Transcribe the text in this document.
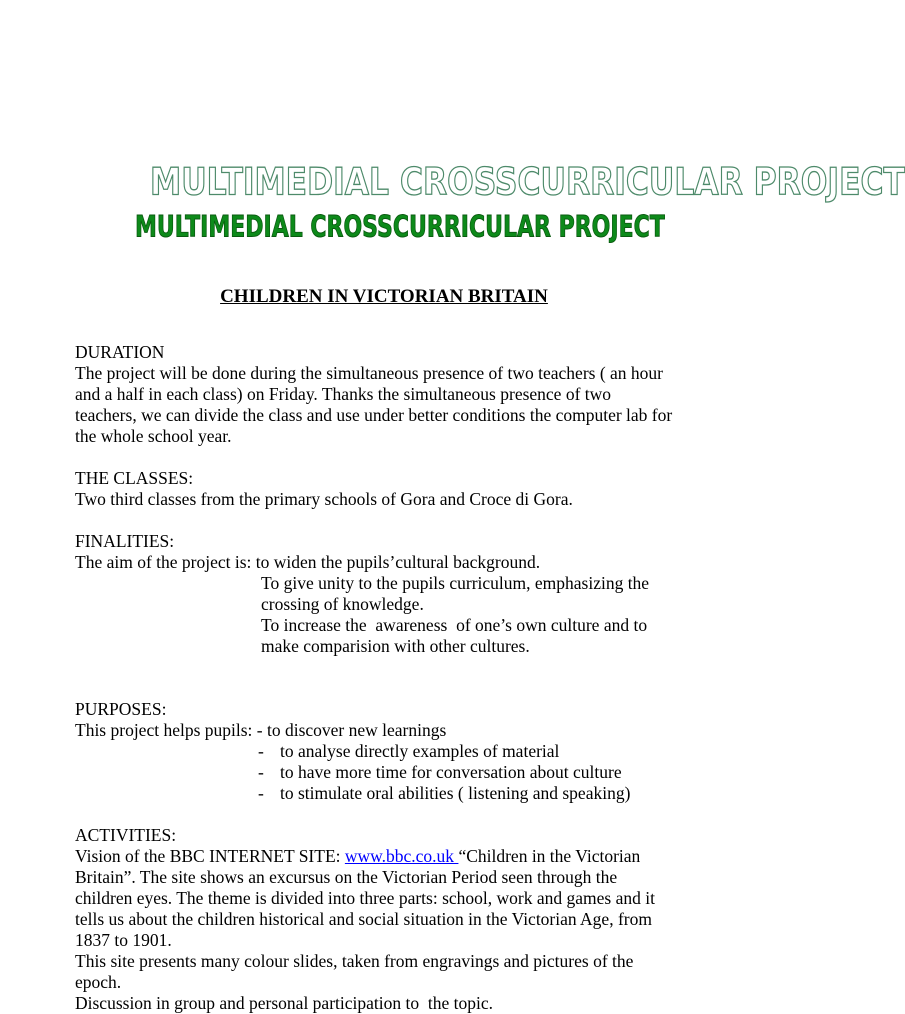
MULTIMEDIAL CROSSCURRICULAR PROJECT
MULTIMEDIAL CROSSCURRICULAR PROJECT
CHILDREN IN VICTORIAN BRITAIN
DURATION
The project will be done during the simultaneous presence of two teachers ( an hour
and a half in each class) on Friday. Thanks the simultaneous presence of two
teachers, we can divide the class and use under better conditions the computer lab for
the whole school year.
THE CLASSES:
Two third classes from the primary schools of Gora and Croce di Gora.
FINALITIES:
The aim of the project is: to widen the pupils’cultural background.
To give unity to the pupils curriculum, emphasizing the
crossing of knowledge.
To increase the  awareness  of one’s own culture and to
make comparision with other cultures.
PURPOSES:
This project helps pupils: - to discover new learnings
- to analyse directly examples of material
- to have more time for conversation about culture
- to stimulate oral abilities ( listening and speaking)
ACTIVITIES:
Vision of the BBC INTERNET SITE: www.bbc.co.uk “Children in the Victorian
Britain”. The site shows an excursus on the Victorian Period seen through the
children eyes. The theme is divided into three parts: school, work and games and it
tells us about the children historical and social situation in the Victorian Age, from
1837 to 1901.
This site presents many colour slides, taken from engravings and pictures of the
epoch.
Discussion in group and personal participation to  the topic.
